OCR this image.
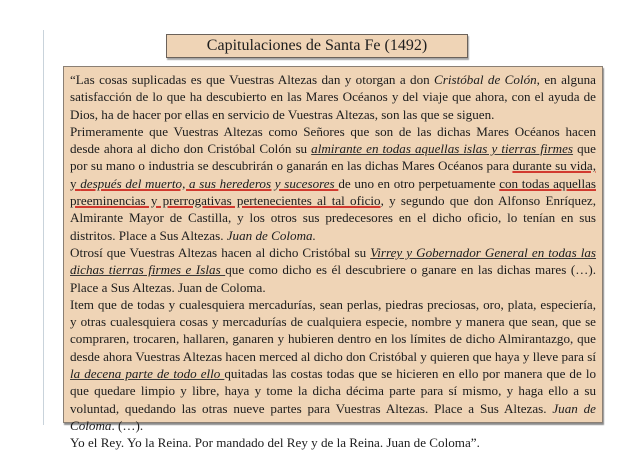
Capitulaciones de Santa Fe (1492)

“Las cosas suplicadas es que Vuestras Altezas dan y otorgan a don Cristóbal de Colón, en alguna satisfacción de lo que ha descubierto en las Mares Océanos y del viaje que ahora, con el ayuda de Dios, ha de hacer por ellas en servicio de Vuestras Altezas, son las que se siguen.

Primeramente que Vuestras Altezas como Señores que son de las dichas Mares Océanos hacen desde ahora al dicho don Cristóbal Colón su almirante en todas aquellas islas y tierras firmes que por su mano o industria se descubrirán o ganarán en las dichas Mares Océanos para durante su vida, y después del muerto, a sus herederos y sucesores de uno en otro perpetuamente con todas aquellas preeminencias y prerrogativas pertenecientes al tal oficio, y segundo que don Alfonso Enríquez, Almirante Mayor de Castilla, y los otros sus predecesores en el dicho oficio, lo tenían en sus distritos. Place a Sus Altezas. Juan de Coloma.

Otrosí que Vuestras Altezas hacen al dicho Cristóbal su Virrey y Gobernador General en todas las dichas tierras firmes e Islas que como dicho es él descubriere o ganare en las dichas mares (…). Place a Sus Altezas. Juan de Coloma.

Item que de todas y cualesquiera mercadurías, sean perlas, piedras preciosas, oro, plata, especiería, y otras cualesquiera cosas y mercadurías de cualquiera especie, nombre y manera que sean, que se compraren, trocaren, hallaren, ganaren y hubieren dentro en los límites de dicho Almirantazgo, que desde ahora Vuestras Altezas hacen merced al dicho don Cristóbal y quieren que haya y lleve para sí la decena parte de todo ello quitadas las costas todas que se hicieren en ello por manera que de lo que quedare limpio y libre, haya y tome la dicha décima parte para sí mismo, y haga ello a su voluntad, quedando las otras nueve partes para Vuestras Altezas. Place a Sus Altezas. Juan de Coloma. (…).

Yo el Rey. Yo la Reina. Por mandado del Rey y de la Reina. Juan de Coloma”.
